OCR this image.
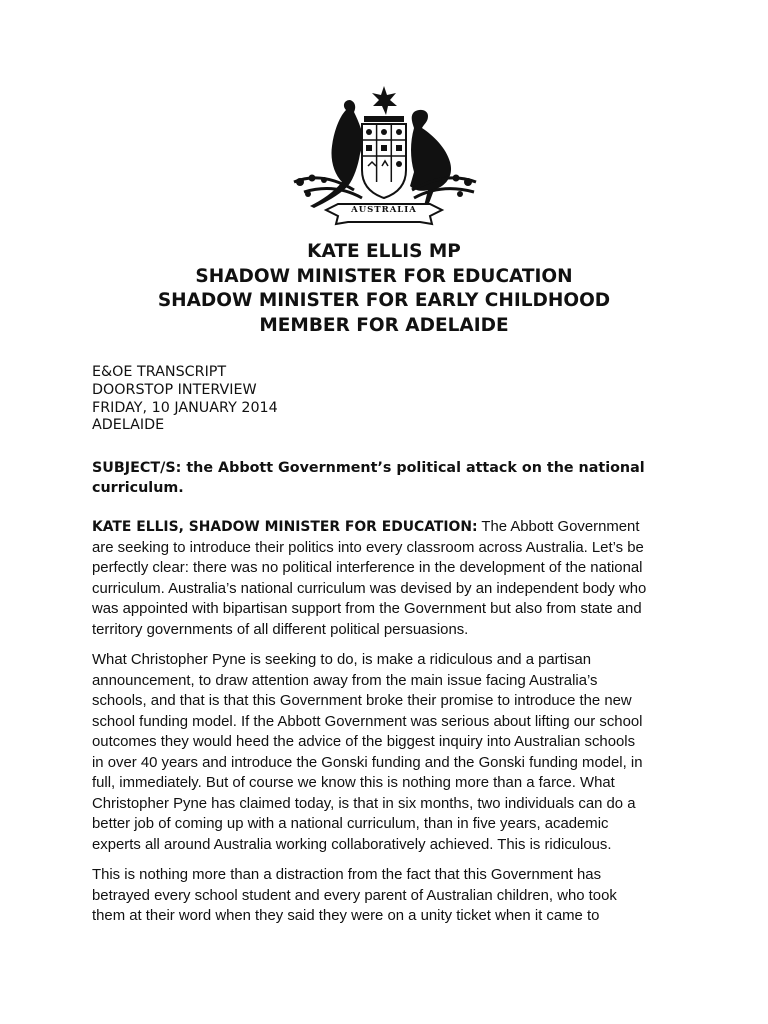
AUSTRALIA
KATE ELLIS MP
SHADOW MINISTER FOR EDUCATION
SHADOW MINISTER FOR EARLY CHILDHOOD
MEMBER FOR ADELAIDE
E&OE TRANSCRIPT
DOORSTOP INTERVIEW
FRIDAY, 10 JANUARY 2014
ADELAIDE
SUBJECT/S: the Abbott Government’s political attack on the national
curriculum.

KATE ELLIS, SHADOW MINISTER FOR EDUCATION: The Abbott Government
are seeking to introduce their politics into every classroom across Australia. Let’s be
perfectly clear: there was no political interference in the development of the national
curriculum. Australia’s national curriculum was devised by an independent body who
was appointed with bipartisan support from the Government but also from state and
territory governments of all different political persuasions.

What Christopher Pyne is seeking to do, is make a ridiculous and a partisan
announcement, to draw attention away from the main issue facing Australia’s
schools, and that is that this Government broke their promise to introduce the new
school funding model. If the Abbott Government was serious about lifting our school
outcomes they would heed the advice of the biggest inquiry into Australian schools
in over 40 years and introduce the Gonski funding and the Gonski funding model, in
full, immediately. But of course we know this is nothing more than a farce. What
Christopher Pyne has claimed today, is that in six months, two individuals can do a
better job of coming up with a national curriculum, than in five years, academic
experts all around Australia working collaboratively achieved. This is ridiculous.

This is nothing more than a distraction from the fact that this Government has
betrayed every school student and every parent of Australian children, who took
them at their word when they said they were on a unity ticket when it came to
